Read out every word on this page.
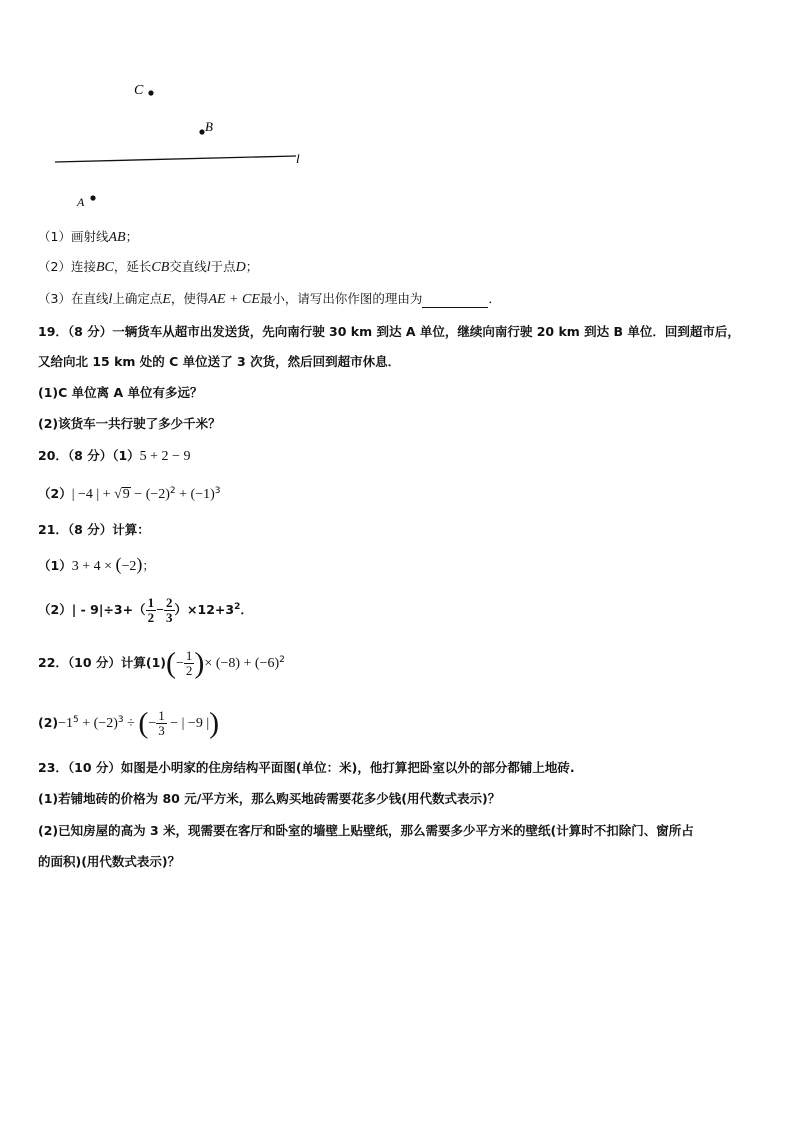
C
B
l
A
（1）画射线AB；
（2）连接BC，延长CB交直线l于点D；
（3）在直线l上确定点E，使得AE + CE最小，请写出你作图的理由为	．
19．（8 分）一辆货车从超市出发送货，先向南行驶 30 km 到达 A 单位，继续向南行驶 20 km 到达 B 单位．回到超市后，
又给向北 15 km 处的 C 单位送了 3 次货，然后回到超市休息．
(1)C 单位离 A 单位有多远？
(2)该货车一共行驶了多少千米？
20．（8 分）（1）5 + 2 − 9
（2）| −4 | + $√9 - (-2)^2 + (-1)^3$
21．（8 分）计算：
（1）3 + 4 × (−2)；
$(2)| - 9|\div 3+( \frac{1}{2} - \frac{2}{3} )\times 12+3^2$．
22．（10 分）计算$(1)(- \frac{1}{2}$ )× $(-8) + (-6)^2$
$(2)-1^5 + (-2)^3$ ÷ (− $\frac{1}{3}$ − | −9 |)
23．（10 分）如图是小明家的住房结构平面图(单位：米)，他打算把卧室以外的部分都铺上地砖.
(1)若铺地砖的价格为 80 元/平方米，那么购买地砖需要花多少钱(用代数式表示)？
(2)已知房屋的高为 3 米，现需要在客厅和卧室的墙壁上贴壁纸，那么需要多少平方米的壁纸(计算时不扣除门、窗所占
的面积)(用代数式表示)？
